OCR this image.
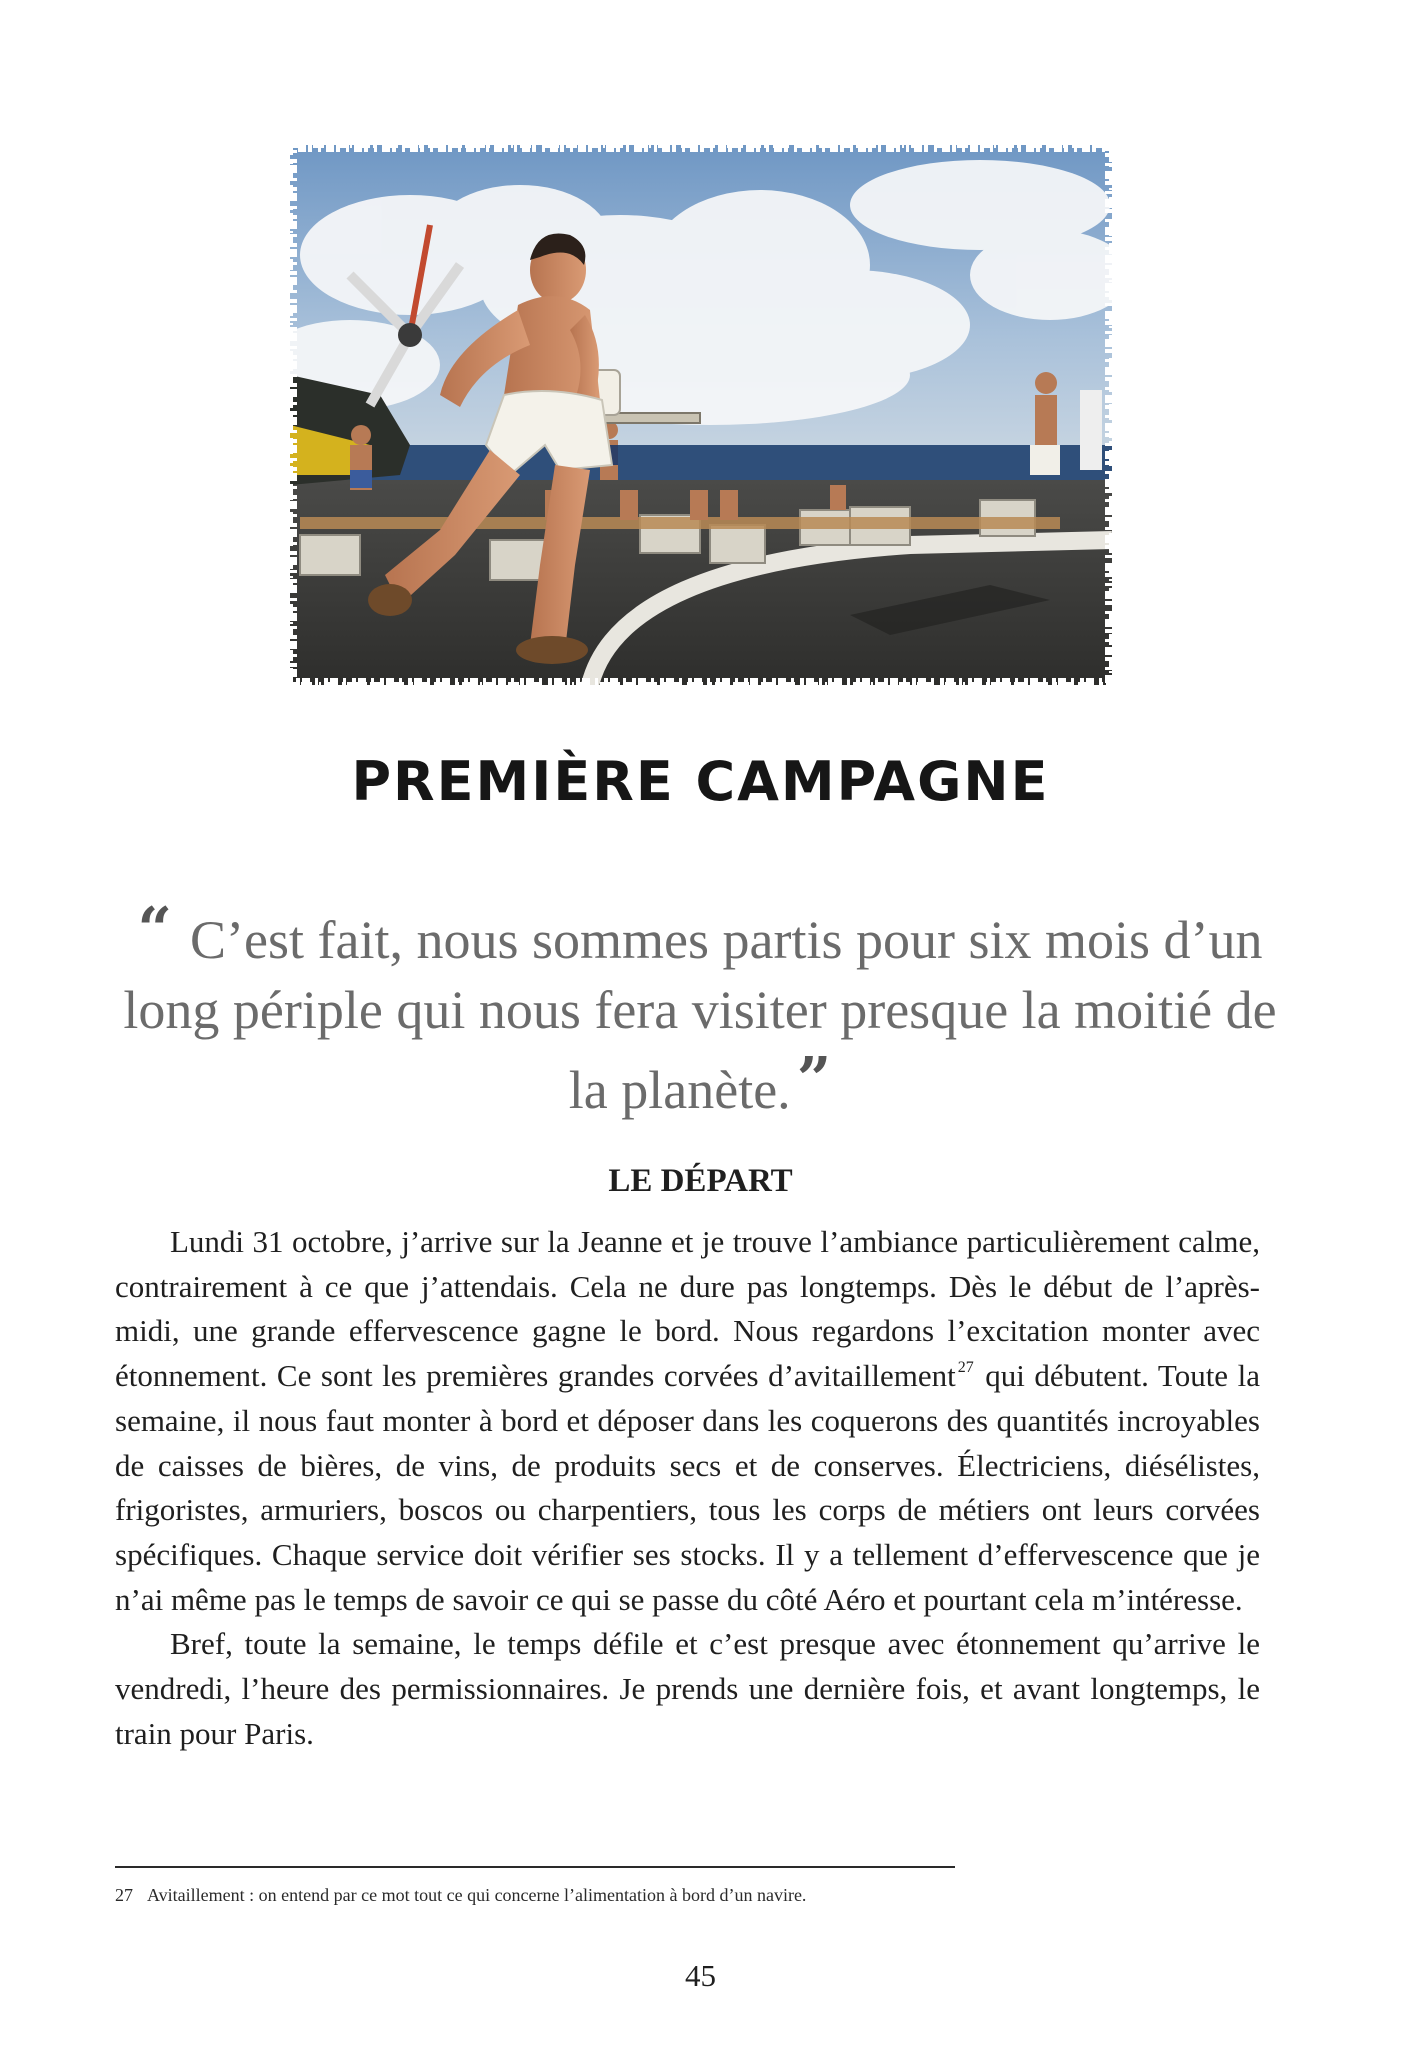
PREMIÈRE CAMPAGNE

“ C’est fait, nous sommes partis pour six mois d’un long périple qui nous fera visiter presque la moitié de la planète. ”

LE DÉPART

Lundi 31 octobre, j’arrive sur la Jeanne et je trouve l’ambiance particulièrement calme, contrairement à ce que j’attendais. Cela ne dure pas longtemps. Dès le début de l’après-midi, une grande effervescence gagne le bord. Nous regardons l’excitation monter avec étonnement. Ce sont les premières grandes corvées d’avitaillement $^{27}$ qui débutent. Toute la semaine, il nous faut monter à bord et déposer dans les coquerons des quantités incroyables de caisses de bières, de vins, de produits secs et de conserves. Électriciens, diésélistes, frigoristes, armuriers, boscos ou charpentiers, tous les corps de métiers ont leurs corvées spécifiques. Chaque service doit vérifier ses stocks. Il y a tellement d’effervescence que je n’ai même pas le temps de savoir ce qui se passe du côté Aéro et pourtant cela m’intéresse.

Bref, toute la semaine, le temps défile et c’est presque avec étonnement qu’arrive le vendredi, l’heure des permissionnaires. Je prends une dernière fois, et avant longtemps, le train pour Paris.

27 Avitaillement : on entend par ce mot tout ce qui concerne l’alimentation à bord d’un navire.
45
